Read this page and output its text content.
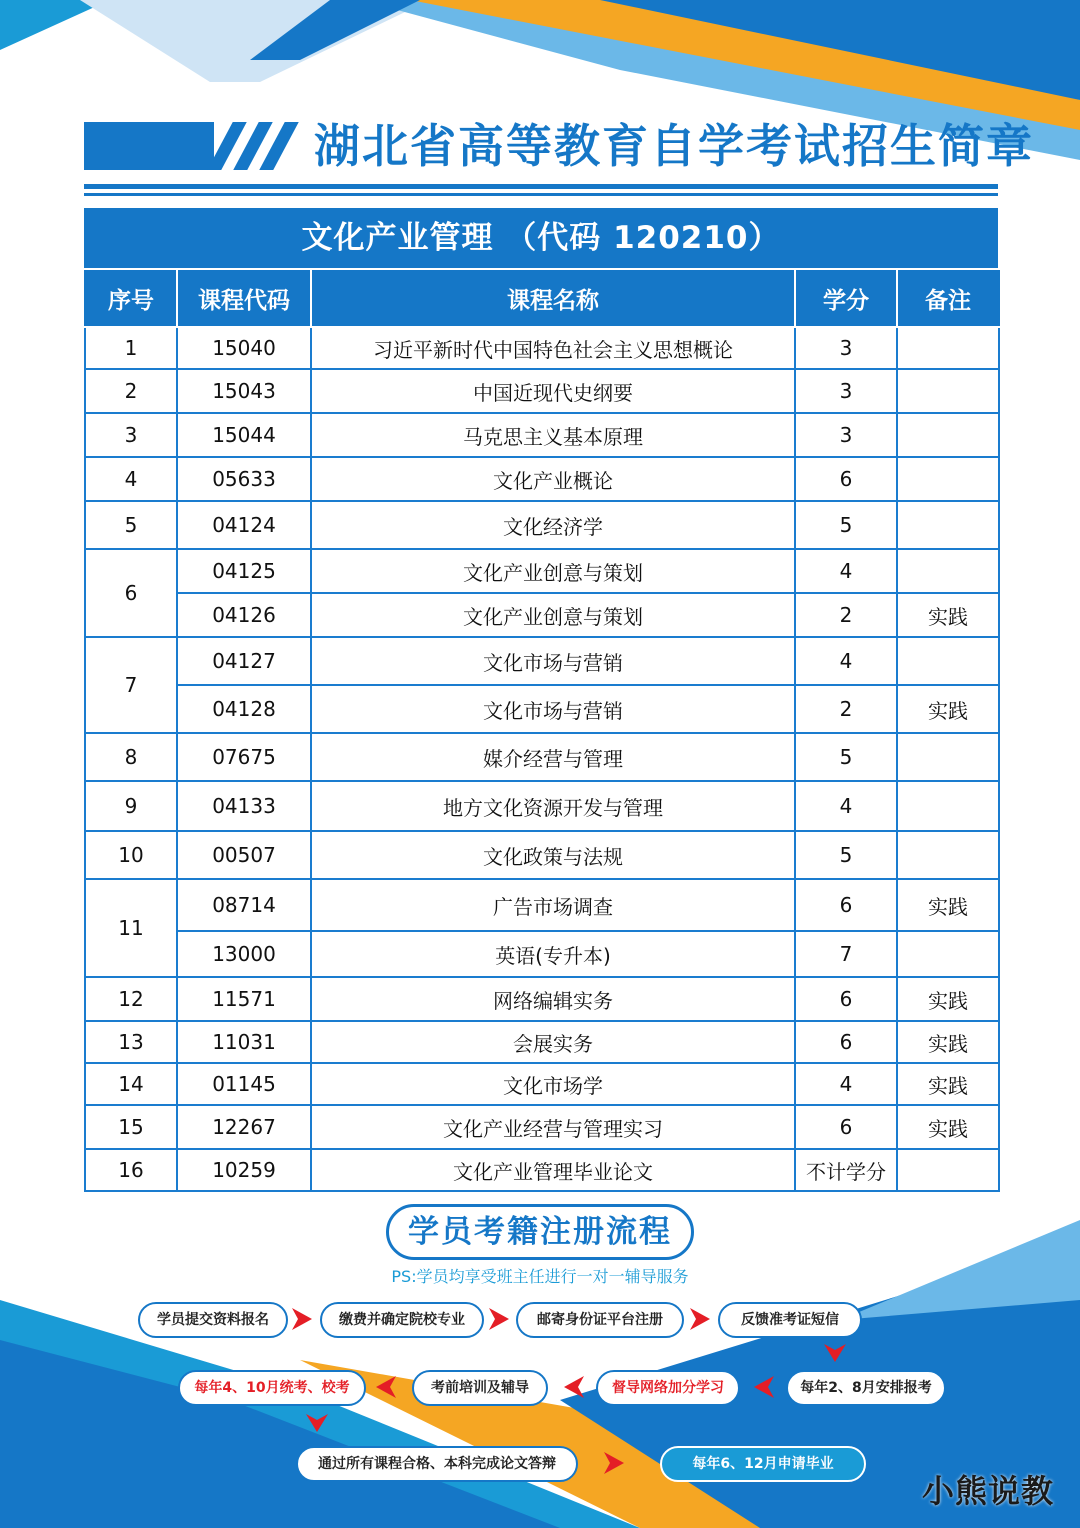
湖北省高等教育自学考试招生简章
文化产业管理 （代码 120210）
序号	课程代码	课程名称	学分	备注
1	15040	习近平新时代中国特色社会主义思想概论	3	
2	15043	中国近现代史纲要	3	
3	15044	马克思主义基本原理	3	
4	05633	文化产业概论	6	
5	04124	文化经济学	5	
6	04125	文化产业创意与策划	4	
	04126	文化产业创意与策划	2	实践
7	04127	文化市场与营销	4	
	04128	文化市场与营销	2	实践
8	07675	媒介经营与管理	5	
9	04133	地方文化资源开发与管理	4	
10	00507	文化政策与法规	5	
11	08714	广告市场调查	6	实践
	13000	英语(专升本)	7	
12	11571	网络编辑实务	6	实践
13	11031	会展实务	6	实践
14	01145	文化市场学	4	实践
15	12267	文化产业经营与管理实习	6	实践
16	10259	文化产业管理毕业论文	不计学分	
学员考籍注册流程
PS:学员均享受班主任进行一对一辅导服务
学员提交资料报名	缴费并确定院校专业	邮寄身份证平台注册	反馈准考证短信
每年2、8月安排报考
督导网络加分学习
考前培训及辅导
每年4、10月统考、校考
通过所有课程合格、本科完成论文答辩	每年6、12月申请毕业
小熊说教
